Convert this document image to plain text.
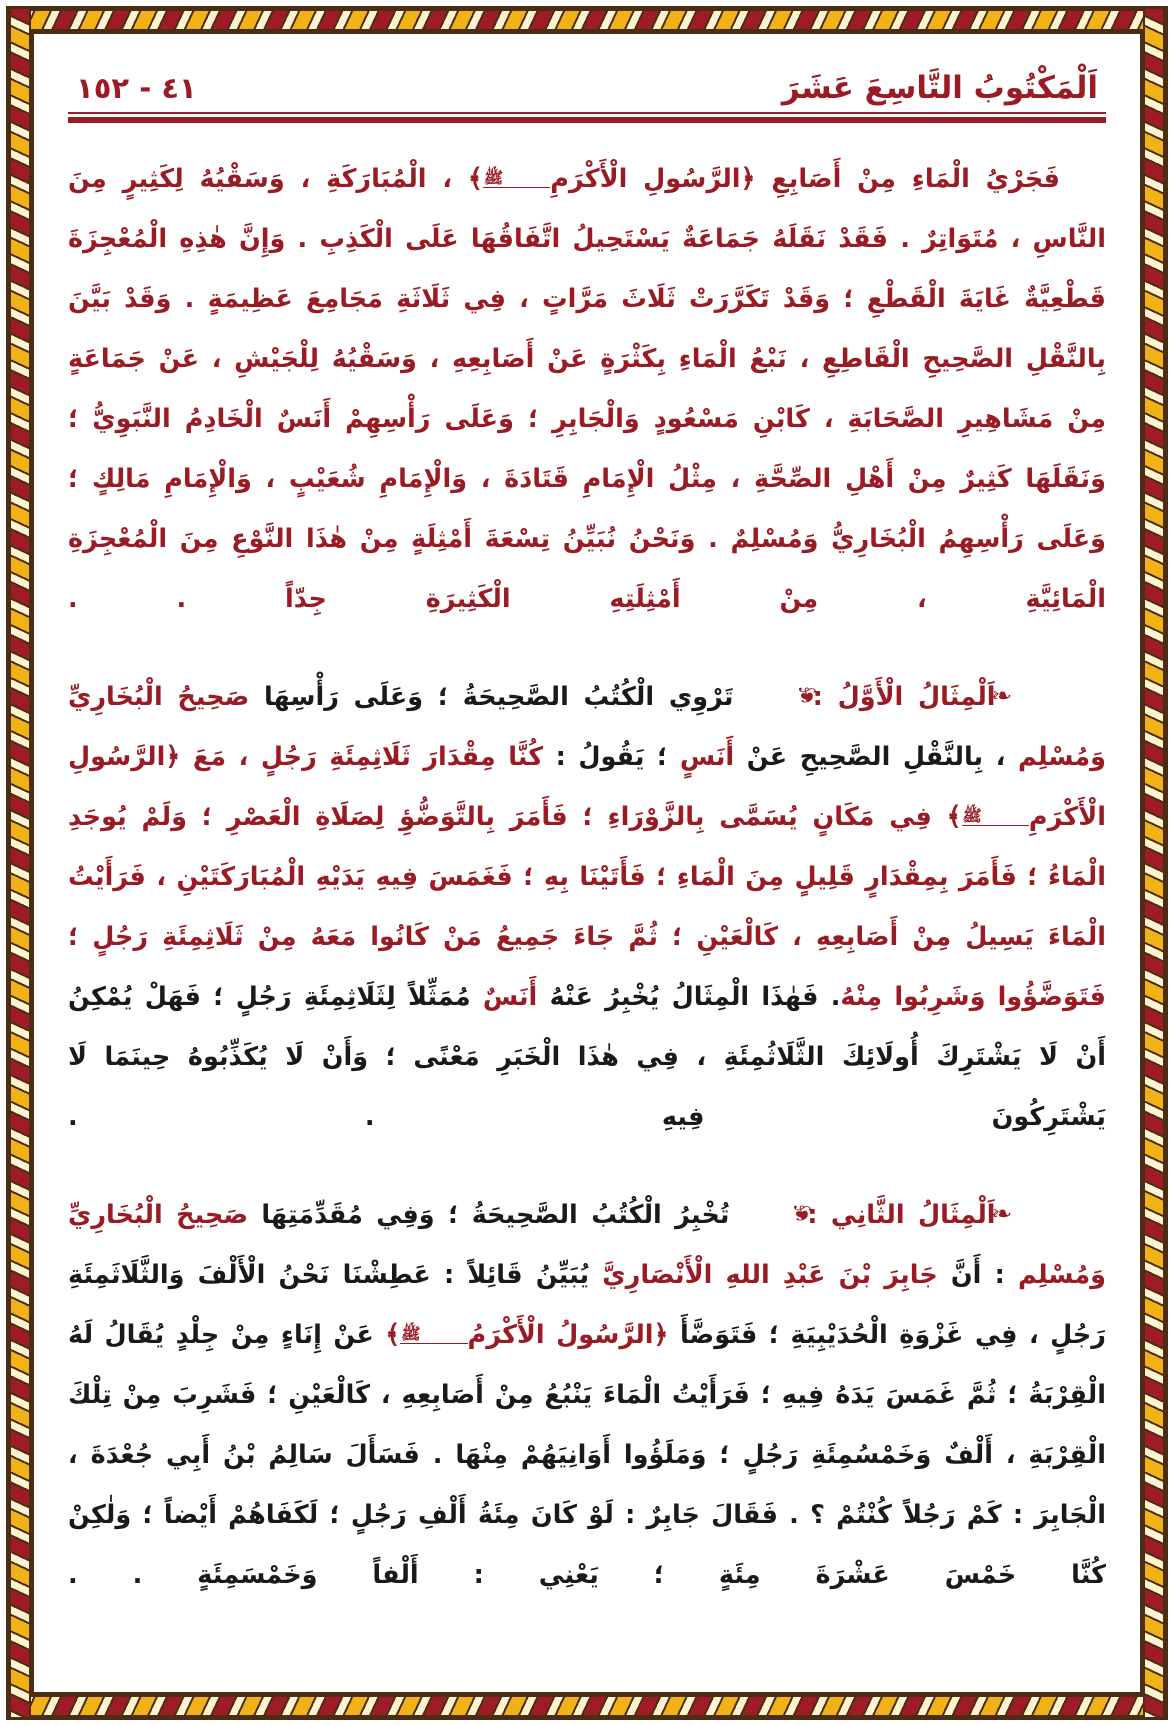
اَلْمَكْتُوبُ التَّاسِعَ عَشَرَ
٤١ - ١٥٢

فَجَرْيُ الْمَاءِ مِنْ أَصَابِعِ ﴿الرَّسُولِ الْأَكْرَمِﷺ﴾ ، الْمُبَارَكَةِ ، وَسَقْيُهُ لِكَثِيرٍ مِنَ النَّاسِ ، مُتَوَاتِرٌ . فَقَدْ نَقَلَهُ جَمَاعَةٌ يَسْتَحِيلُ اتَّفَاقُهَا عَلَى الْكَذِبِ . وَإِنَّ هٰذِهِ الْمُعْجِزَةَ قَطْعِيَّةٌ غَايَةَ الْقَطْعِ ؛ وَقَدْ تَكَرَّرَتْ ثَلَاثَ مَرَّاتٍ ، فِي ثَلَاثَةِ مَجَامِعَ عَظِيمَةٍ . وَقَدْ بَيَّنَ بِالنَّقْلِ الصَّحِيحِ الْقَاطِعِ ، نَبْعُ الْمَاءِ بِكَثْرَةٍ عَنْ أَصَابِعِهِ ، وَسَقْيُهُ لِلْجَيْشِ ، عَنْ جَمَاعَةٍ مِنْ مَشَاهِيرِ الصَّحَابَةِ ، كَابْنِ مَسْعُودٍ وَالْجَابِرِ ؛ وَعَلَى رَأْسِهِمْ أَنَسٌ الْخَادِمُ النَّبَوِيُّ ؛ وَنَقَلَهَا كَثِيرٌ مِنْ أَهْلِ الصِّحَّةِ ، مِثْلُ الْإِمَامِ قَتَادَةَ ، وَالْإِمَامِ شُعَيْبٍ ، وَالْإِمَامِ مَالِكٍ ؛ وَعَلَى رَأْسِهِمُ الْبُخَارِيُّ وَمُسْلِمٌ . وَنَحْنُ نُبَيِّنُ تِسْعَةَ أَمْثِلَةٍ مِنْ هٰذَا النَّوْعِ مِنَ الْمُعْجِزَةِ الْمَائِيَّةِ ، مِنْ أَمْثِلَتِهِ الْكَثِيرَةِ جِدّاً . .

❧اَلْمِثَالُ الْأَوَّلُ :❦ تَرْوِي الْكُتُبُ الصَّحِيحَةُ ؛ وَعَلَى رَأْسِهَا صَحِيحُ الْبُخَارِيِّ وَمُسْلِم ، بِالنَّقْلِ الصَّحِيحِ عَنْ أَنَسٍ ؛ يَقُولُ : كُنَّا مِقْدَارَ ثَلَاثِمِئَةِ رَجُلٍ ، مَعَ ﴿الرَّسُولِ الْأَكْرَمِﷺ﴾ فِي مَكَانٍ يُسَمَّى بِالزَّوْرَاءِ ؛ فَأَمَرَ بِالتَّوَضُّؤِ لِصَلَاةِ الْعَصْرِ ؛ وَلَمْ يُوجَدِ الْمَاءُ ؛ فَأَمَرَ بِمِقْدَارٍ قَلِيلٍ مِنَ الْمَاءِ ؛ فَأَتَيْنَا بِهِ ؛ فَغَمَسَ فِيهِ يَدَيْهِ الْمُبَارَكَتَيْنِ ، فَرَأَيْتُ الْمَاءَ يَسِيلُ مِنْ أَصَابِعِهِ ، كَالْعَيْنِ ؛ ثُمَّ جَاءَ جَمِيعُ مَنْ كَانُوا مَعَهُ مِنْ ثَلَاثِمِئَةِ رَجُلٍ ؛ فَتَوَضَّؤُوا وَشَرِبُوا مِنْهُ. فَهٰذَا الْمِثَالُ يُخْبِرُ عَنْهُ أَنَسٌ مُمَثِّلاً لِثَلَاثِمِئَةِ رَجُلٍ ؛ فَهَلْ يُمْكِنُ أَنْ لَا يَشْتَرِكَ أُولَائِكَ الثَّلَاثُمِئَةِ ، فِي هٰذَا الْخَبَرِ مَعْنًى ؛ وَأَنْ لَا يُكَذِّبُوهُ حِينَمَا لَا يَشْتَرِكُونَ فِيهِ . .

❧اَلْمِثَالُ الثَّانِي :❦ تُخْبِرُ الْكُتُبُ الصَّحِيحَةُ ؛ وَفِي مُقَدِّمَتِهَا صَحِيحُ الْبُخَارِيِّ وَمُسْلِم : أَنَّ جَابِرَ بْنَ عَبْدِ اللهِ الْأَنْصَارِيَّ يُبَيِّنُ قَائِلاً : عَطِشْنَا نَحْنُ الْأَلْفَ وَالثَّلَاثَمِئَةِ رَجُلٍ ، فِي غَزْوَةِ الْحُدَيْبِيَةِ ؛ فَتَوَضَّأَ ﴿الرَّسُولُ الْأَكْرَمُﷺ﴾ عَنْ إِنَاءٍ مِنْ جِلْدٍ يُقَالُ لَهُ الْقِرْبَةُ ؛ ثُمَّ غَمَسَ يَدَهُ فِيهِ ؛ فَرَأَيْتُ الْمَاءَ يَنْبُعُ مِنْ أَصَابِعِهِ ، كَالْعَيْنِ ؛ فَشَرِبَ مِنْ تِلْكَ الْقِرْبَةِ ، أَلْفٌ وَخَمْسُمِئَةِ رَجُلٍ ؛ وَمَلَؤُوا أَوَانِيَهُمْ مِنْهَا . فَسَأَلَ سَالِمُ بْنُ أَبِي جُعْدَةَ ، الْجَابِرَ : كَمْ رَجُلاً كُنْتُمْ ؟ . فَقَالَ جَابِرٌ : لَوْ كَانَ مِئَةُ أَلْفِ رَجُلٍ ؛ لَكَفَاهُمْ أَيْضاً ؛ وَلٰكِنْ كُنَّا خَمْسَ عَشْرَةَ مِئَةٍ ؛ يَعْنِي : أَلْفاً وَخَمْسَمِئَةٍ . .
